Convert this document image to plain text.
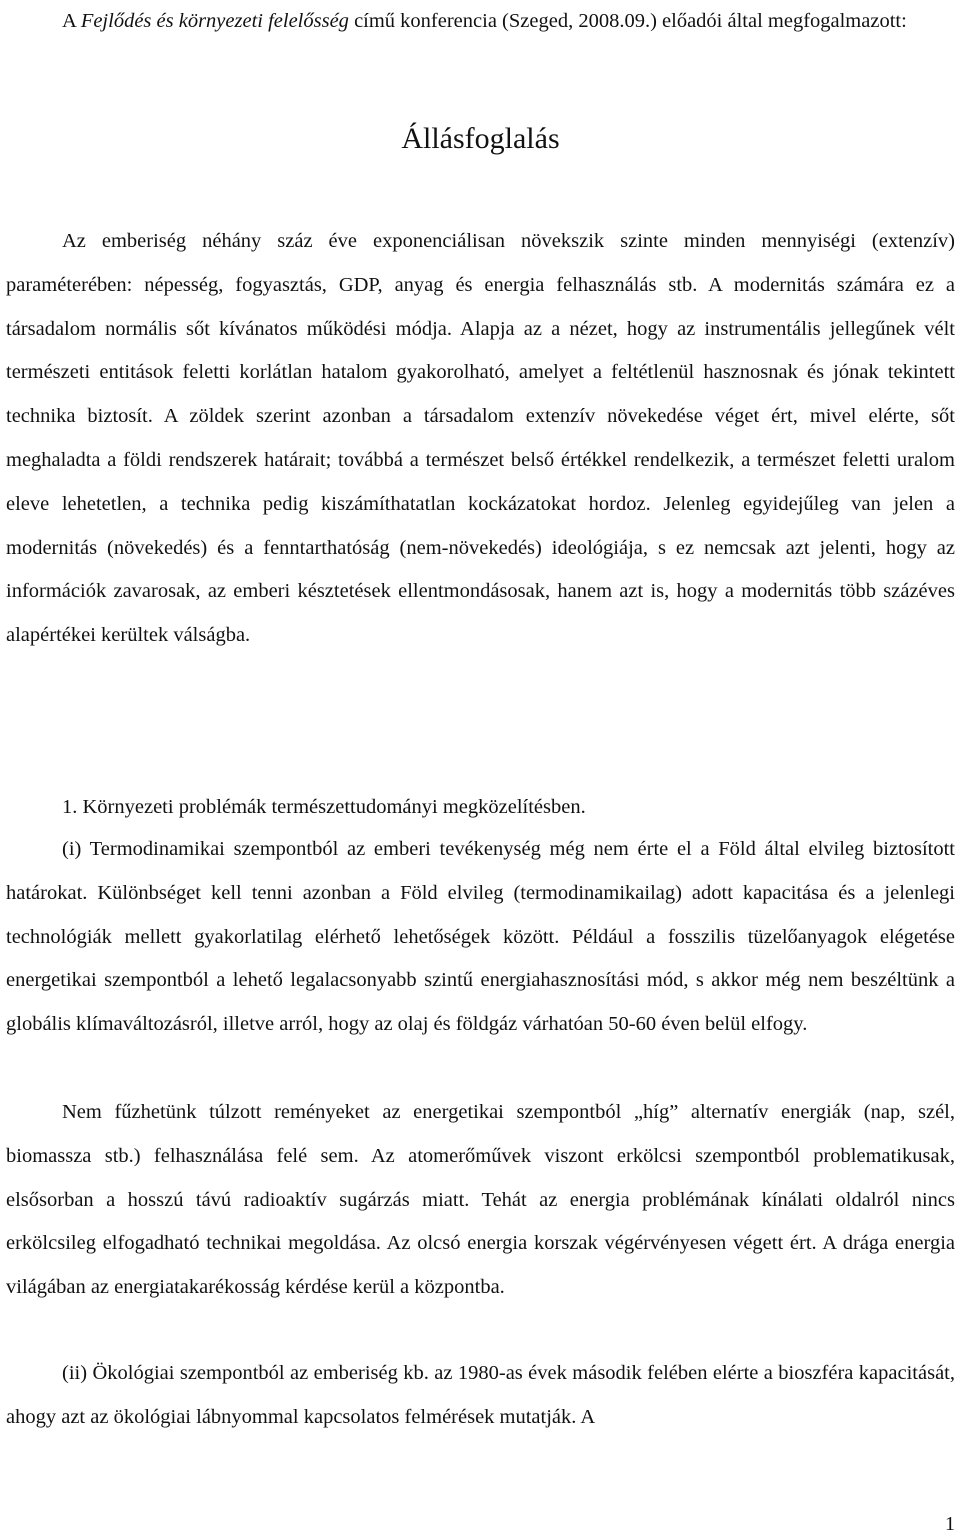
A Fejlődés és környezeti felelősség című konferencia (Szeged, 2008.09.) előadói által megfogalmazott:

Állásfoglalás

Az emberiség néhány száz éve exponenciálisan növekszik szinte minden mennyiségi (extenzív) paraméterében: népesség, fogyasztás, GDP, anyag és energia felhasználás stb. A modernitás számára ez a társadalom normális sőt kívánatos működési módja. Alapja az a nézet, hogy az instrumentális jellegűnek vélt természeti entitások feletti korlátlan hatalom gyakorolható, amelyet a feltétlenül hasznosnak és jónak tekintett technika biztosít. A zöldek szerint azonban a társadalom extenzív növekedése véget ért, mivel elérte, sőt meghaladta a földi rendszerek határait; továbbá a természet belső értékkel rendelkezik, a természet feletti uralom eleve lehetetlen, a technika pedig kiszámíthatatlan kockázatokat hordoz. Jelenleg egyidejűleg van jelen a modernitás (növekedés) és a fenntarthatóság (nem-növekedés) ideológiája, s ez nemcsak azt jelenti, hogy az információk zavarosak, az emberi késztetések ellentmondásosak, hanem azt is, hogy a modernitás több százéves alapértékei kerültek válságba.

1. Környezeti problémák természettudományi megközelítésben.

(i) Termodinamikai szempontból az emberi tevékenység még nem érte el a Föld által elvileg biztosított határokat. Különbséget kell tenni azonban a Föld elvileg (termodinamikailag) adott kapacitása és a jelenlegi technológiák mellett gyakorlatilag elérhető lehetőségek között. Például a fosszilis tüzelőanyagok elégetése energetikai szempontból a lehető legalacsonyabb szintű energiahasznosítási mód, s akkor még nem beszéltünk a globális klímaváltozásról, illetve arról, hogy az olaj és földgáz várhatóan 50-60 éven belül elfogy.

Nem fűzhetünk túlzott reményeket az energetikai szempontból „híg” alternatív energiák (nap, szél, biomassza stb.) felhasználása felé sem. Az atomerőművek viszont erkölcsi szempontból problematikusak, elsősorban a hosszú távú radioaktív sugárzás miatt. Tehát az energia problémának kínálati oldalról nincs erkölcsileg elfogadható technikai megoldása. Az olcsó energia korszak végérvényesen végett ért. A drága energia világában az energiatakarékosság kérdése kerül a központba.

(ii) Ökológiai szempontból az emberiség kb. az 1980-as évek második felében elérte a bioszféra kapacitását, ahogy azt az ökológiai lábnyommal kapcsolatos felmérések mutatják. A

1
